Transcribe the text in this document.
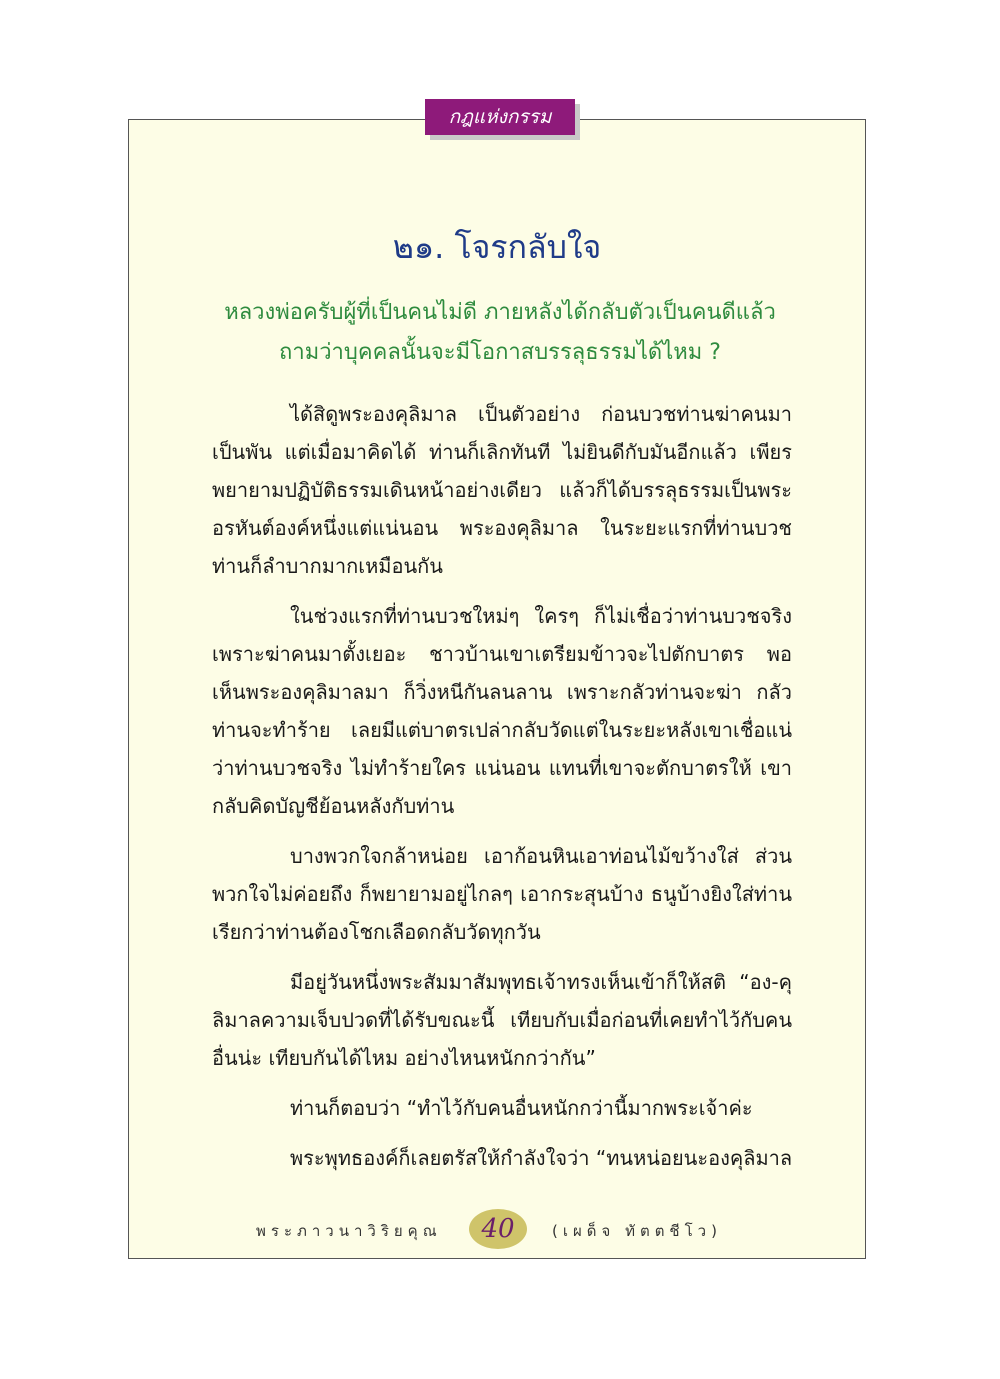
กฎแห่งกรรม
๒๑. โจรกลับใจ
หลวงพ่อครับผู้ที่เป็นคนไม่ดี ภายหลังได้กลับตัวเป็นคนดีแล้ว
ถามว่าบุคคลนั้นจะมีโอกาสบรรลุธรรมได้ไหม ?

ได้สิดูพระองคุลิมาล เป็นตัวอย่าง ก่อนบวชท่านฆ่าคนมาเป็นพัน แต่เมื่อมาคิดได้ ท่านก็เลิกทันที ไม่ยินดีกับมันอีกแล้ว เพียรพยายามปฏิบัติธรรมเดินหน้าอย่างเดียว แล้วก็ได้บรรลุธรรมเป็นพระอรหันต์องค์หนึ่งแต่แน่นอน พระองคุลิมาล ในระยะแรกที่ท่านบวชท่านก็ลำบากมากเหมือนกัน

ในช่วงแรกที่ท่านบวชใหม่ๆ ใครๆ ก็ไม่เชื่อว่าท่านบวชจริง เพราะฆ่าคนมาตั้งเยอะ ชาวบ้านเขาเตรียมข้าวจะไปตักบาตร พอเห็นพระองคุลิมาลมา ก็วิ่งหนีกันลนลาน เพราะกลัวท่านจะฆ่า กลัวท่านจะทำร้าย เลยมีแต่บาตรเปล่ากลับวัดแต่ในระยะหลังเขาเชื่อแน่ว่าท่านบวชจริง ไม่ทำร้ายใคร แน่นอน แทนที่เขาจะตักบาตรให้ เขากลับคิดบัญชีย้อนหลังกับท่าน

บางพวกใจกล้าหน่อย เอาก้อนหินเอาท่อนไม้ขว้างใส่ ส่วนพวกใจไม่ค่อยถึง ก็พยายามอยู่ไกลๆ เอากระสุนบ้าง ธนูบ้างยิงใส่ท่าน เรียกว่าท่านต้องโชกเลือดกลับวัดทุกวัน

มีอยู่วันหนึ่งพระสัมมาสัมพุทธเจ้าทรงเห็นเข้าก็ให้สติ “อง-คุลิมาลความเจ็บปวดที่ได้รับขณะนี้ เทียบกับเมื่อก่อนที่เคยทำไว้กับคนอื่นน่ะ เทียบกันได้ไหม อย่างไหนหนักกว่ากัน”

ท่านก็ตอบว่า “ทำไว้กับคนอื่นหนักกว่านี้มากพระเจ้าค่ะ

พระพุทธองค์ก็เลยตรัสให้กำลังใจว่า “ทนหน่อยนะองคุลิมาล

พระภาวนาวิริยคุณ	40	(เผด็จ ทัตตชีโว)
